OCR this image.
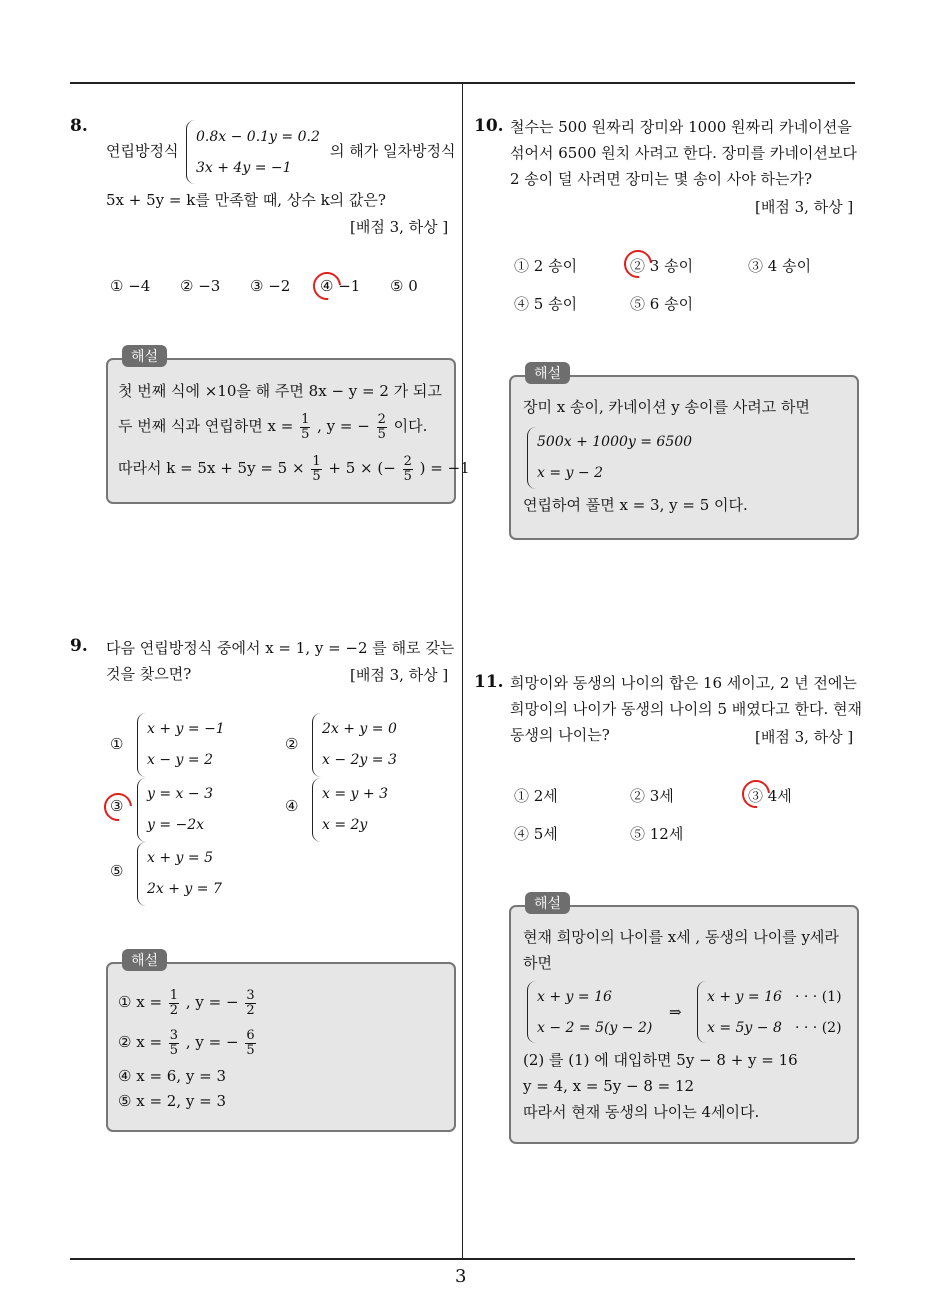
3
8.
연립방정식
0.8x − 0.1y = 0.2
3x + 4y = −1
의 해가 일차방정식
5x + 5y = k를 만족할 때, 상수 k의 값은?
[배점 3, 하상 ]
① −4 ② −3 ③ −2 ④ −1 ⑤ 0
해설
첫 번째 식에 ×10을 해 주면 8x − y = 2 가 되고
두 번째 식과 연립하면 $x = \frac{1}{5}$ , y = − $\frac{2}{5}$ 이다.
따라서 $k = 5x + 5y = 5 \times \frac{1}{5} + 5$ × (− $\frac{2}{5}$ ) = −1
9. 다음 연립방정식 중에서 x = 1, y = −2 를 해로 갖는
것을 찾으면?	[배점 3, 하상 ]
①
x + y = −1
x − y = 2
②
2x + y = 0
x − 2y = 3
③
y = x − 3
y = −2x
④
x = y + 3
x = 2y
⑤
x + y = 5
2x + y = 7
해설
① $x = \frac{1}{2}$ , y = − $\frac{3}{2}$
② $x = \frac{3}{5}$ , y = − $\frac{6}{5}$
④ x = 6, y = 3
⑤ x = 2, y = 3
10. 철수는 500 원짜리 장미와 1000 원짜리 카네이션을
섞어서 6500 원치 사려고 한다. 장미를 카네이션보다
2 송이 덜 사려면 장미는 몇 송이 사야 하는가?
[배점 3, 하상 ]
① 2 송이	② 3 송이	③ 4 송이
④ 5 송이	⑤ 6 송이
해설
장미 x 송이, 카네이션 y 송이를 사려고 하면
500x + 1000y = 6500
x = y − 2
연립하여 풀면 x = 3, y = 5 이다.
11. 희망이와 동생의 나이의 합은 16 세이고, 2 년 전에는
희망이의 나이가 동생의 나이의 5 배였다고 한다. 현재
동생의 나이는?	[배점 3, 하상 ]
① 2세	② 3세	③ 4세
④ 5세	⑤ 12세
해설
현재 희망이의 나이를 x세 , 동생의 나이를 y세라
하면
x + y = 16
x − 2 = 5(y − 2)
⇒
x + y = 16
x = 5y − 8
· · · (1)
· · · (2)
(2) 를 (1) 에 대입하면 5y − 8 + y = 16
y = 4, x = 5y − 8 = 12
따라서 현재 동생의 나이는 4세이다.
